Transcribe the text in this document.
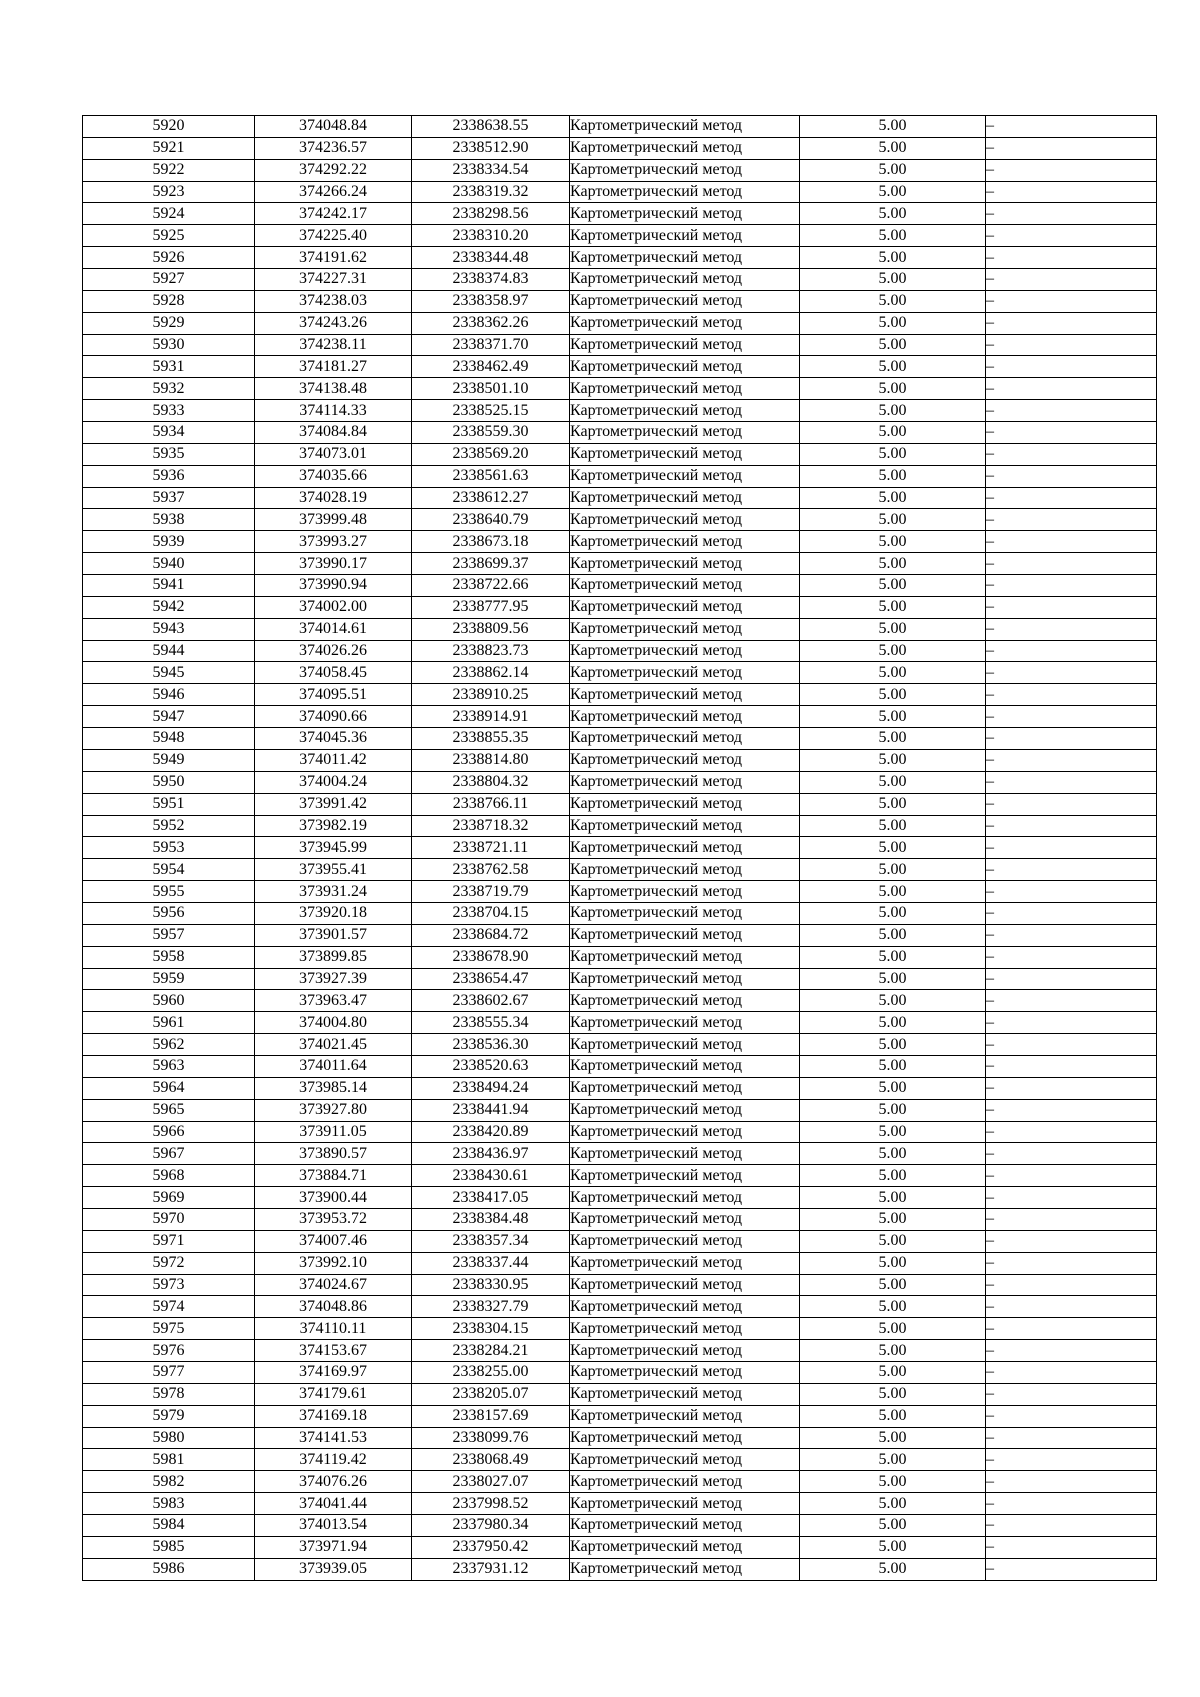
5920	374048.84	2338638.55	Картометрический метод	5.00	–
5921	374236.57	2338512.90	Картометрический метод	5.00	–
5922	374292.22	2338334.54	Картометрический метод	5.00	–
5923	374266.24	2338319.32	Картометрический метод	5.00	–
5924	374242.17	2338298.56	Картометрический метод	5.00	–
5925	374225.40	2338310.20	Картометрический метод	5.00	–
5926	374191.62	2338344.48	Картометрический метод	5.00	–
5927	374227.31	2338374.83	Картометрический метод	5.00	–
5928	374238.03	2338358.97	Картометрический метод	5.00	–
5929	374243.26	2338362.26	Картометрический метод	5.00	–
5930	374238.11	2338371.70	Картометрический метод	5.00	–
5931	374181.27	2338462.49	Картометрический метод	5.00	–
5932	374138.48	2338501.10	Картометрический метод	5.00	–
5933	374114.33	2338525.15	Картометрический метод	5.00	–
5934	374084.84	2338559.30	Картометрический метод	5.00	–
5935	374073.01	2338569.20	Картометрический метод	5.00	–
5936	374035.66	2338561.63	Картометрический метод	5.00	–
5937	374028.19	2338612.27	Картометрический метод	5.00	–
5938	373999.48	2338640.79	Картометрический метод	5.00	–
5939	373993.27	2338673.18	Картометрический метод	5.00	–
5940	373990.17	2338699.37	Картометрический метод	5.00	–
5941	373990.94	2338722.66	Картометрический метод	5.00	–
5942	374002.00	2338777.95	Картометрический метод	5.00	–
5943	374014.61	2338809.56	Картометрический метод	5.00	–
5944	374026.26	2338823.73	Картометрический метод	5.00	–
5945	374058.45	2338862.14	Картометрический метод	5.00	–
5946	374095.51	2338910.25	Картометрический метод	5.00	–
5947	374090.66	2338914.91	Картометрический метод	5.00	–
5948	374045.36	2338855.35	Картометрический метод	5.00	–
5949	374011.42	2338814.80	Картометрический метод	5.00	–
5950	374004.24	2338804.32	Картометрический метод	5.00	–
5951	373991.42	2338766.11	Картометрический метод	5.00	–
5952	373982.19	2338718.32	Картометрический метод	5.00	–
5953	373945.99	2338721.11	Картометрический метод	5.00	–
5954	373955.41	2338762.58	Картометрический метод	5.00	–
5955	373931.24	2338719.79	Картометрический метод	5.00	–
5956	373920.18	2338704.15	Картометрический метод	5.00	–
5957	373901.57	2338684.72	Картометрический метод	5.00	–
5958	373899.85	2338678.90	Картометрический метод	5.00	–
5959	373927.39	2338654.47	Картометрический метод	5.00	–
5960	373963.47	2338602.67	Картометрический метод	5.00	–
5961	374004.80	2338555.34	Картометрический метод	5.00	–
5962	374021.45	2338536.30	Картометрический метод	5.00	–
5963	374011.64	2338520.63	Картометрический метод	5.00	–
5964	373985.14	2338494.24	Картометрический метод	5.00	–
5965	373927.80	2338441.94	Картометрический метод	5.00	–
5966	373911.05	2338420.89	Картометрический метод	5.00	–
5967	373890.57	2338436.97	Картометрический метод	5.00	–
5968	373884.71	2338430.61	Картометрический метод	5.00	–
5969	373900.44	2338417.05	Картометрический метод	5.00	–
5970	373953.72	2338384.48	Картометрический метод	5.00	–
5971	374007.46	2338357.34	Картометрический метод	5.00	–
5972	373992.10	2338337.44	Картометрический метод	5.00	–
5973	374024.67	2338330.95	Картометрический метод	5.00	–
5974	374048.86	2338327.79	Картометрический метод	5.00	–
5975	374110.11	2338304.15	Картометрический метод	5.00	–
5976	374153.67	2338284.21	Картометрический метод	5.00	–
5977	374169.97	2338255.00	Картометрический метод	5.00	–
5978	374179.61	2338205.07	Картометрический метод	5.00	–
5979	374169.18	2338157.69	Картометрический метод	5.00	–
5980	374141.53	2338099.76	Картометрический метод	5.00	–
5981	374119.42	2338068.49	Картометрический метод	5.00	–
5982	374076.26	2338027.07	Картометрический метод	5.00	–
5983	374041.44	2337998.52	Картометрический метод	5.00	–
5984	374013.54	2337980.34	Картометрический метод	5.00	–
5985	373971.94	2337950.42	Картометрический метод	5.00	–
5986	373939.05	2337931.12	Картометрический метод	5.00	–
